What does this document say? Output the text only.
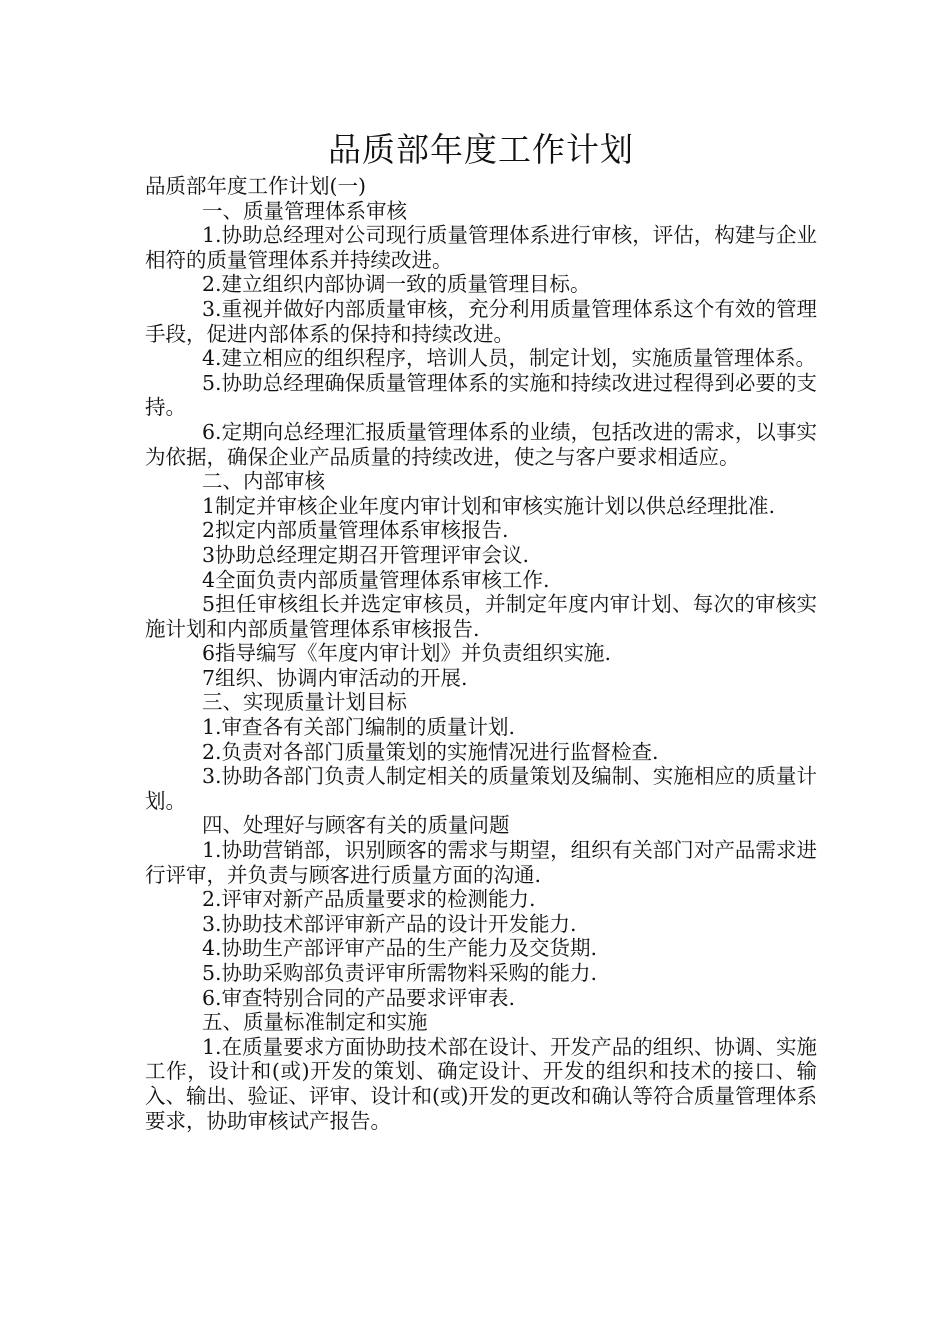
品质部年度工作计划

品质部年度工作计划(一)

一、质量管理体系审核

1.协助总经理对公司现行质量管理体系进行审核，评估，构建与企业相符的质量管理体系并持续改进。

2.建立组织内部协调一致的质量管理目标。

3.重视并做好内部质量审核，充分利用质量管理体系这个有效的管理手段，促进内部体系的保持和持续改进。

4.建立相应的组织程序，培训人员，制定计划，实施质量管理体系。

5.协助总经理确保质量管理体系的实施和持续改进过程得到必要的支持。

6.定期向总经理汇报质量管理体系的业绩，包括改进的需求，以事实为依据，确保企业产品质量的持续改进，使之与客户要求相适应。

二、内部审核

1制定并审核企业年度内审计划和审核实施计划以供总经理批准.

2拟定内部质量管理体系审核报告.

3协助总经理定期召开管理评审会议.

4全面负责内部质量管理体系审核工作.

5担任审核组长并选定审核员，并制定年度内审计划、每次的审核实施计划和内部质量管理体系审核报告.

6指导编写《年度内审计划》并负责组织实施.

7组织、协调内审活动的开展.

三、实现质量计划目标

1.审查各有关部门编制的质量计划.

2.负责对各部门质量策划的实施情况进行监督检查.

3.协助各部门负责人制定相关的质量策划及编制、实施相应的质量计划。

四、处理好与顾客有关的质量问题

1.协助营销部，识别顾客的需求与期望，组织有关部门对产品需求进行评审，并负责与顾客进行质量方面的沟通.

2.评审对新产品质量要求的检测能力.

3.协助技术部评审新产品的设计开发能力.

4.协助生产部评审产品的生产能力及交货期.

5.协助采购部负责评审所需物料采购的能力.

6.审查特别合同的产品要求评审表.

五、质量标准制定和实施

1.在质量要求方面协助技术部在设计、开发产品的组织、协调、实施工作，设计和(或)开发的策划、确定设计、开发的组织和技术的接口、输入、输出、验证、评审、设计和(或)开发的更改和确认等符合质量管理体系要求，协助审核试产报告。
